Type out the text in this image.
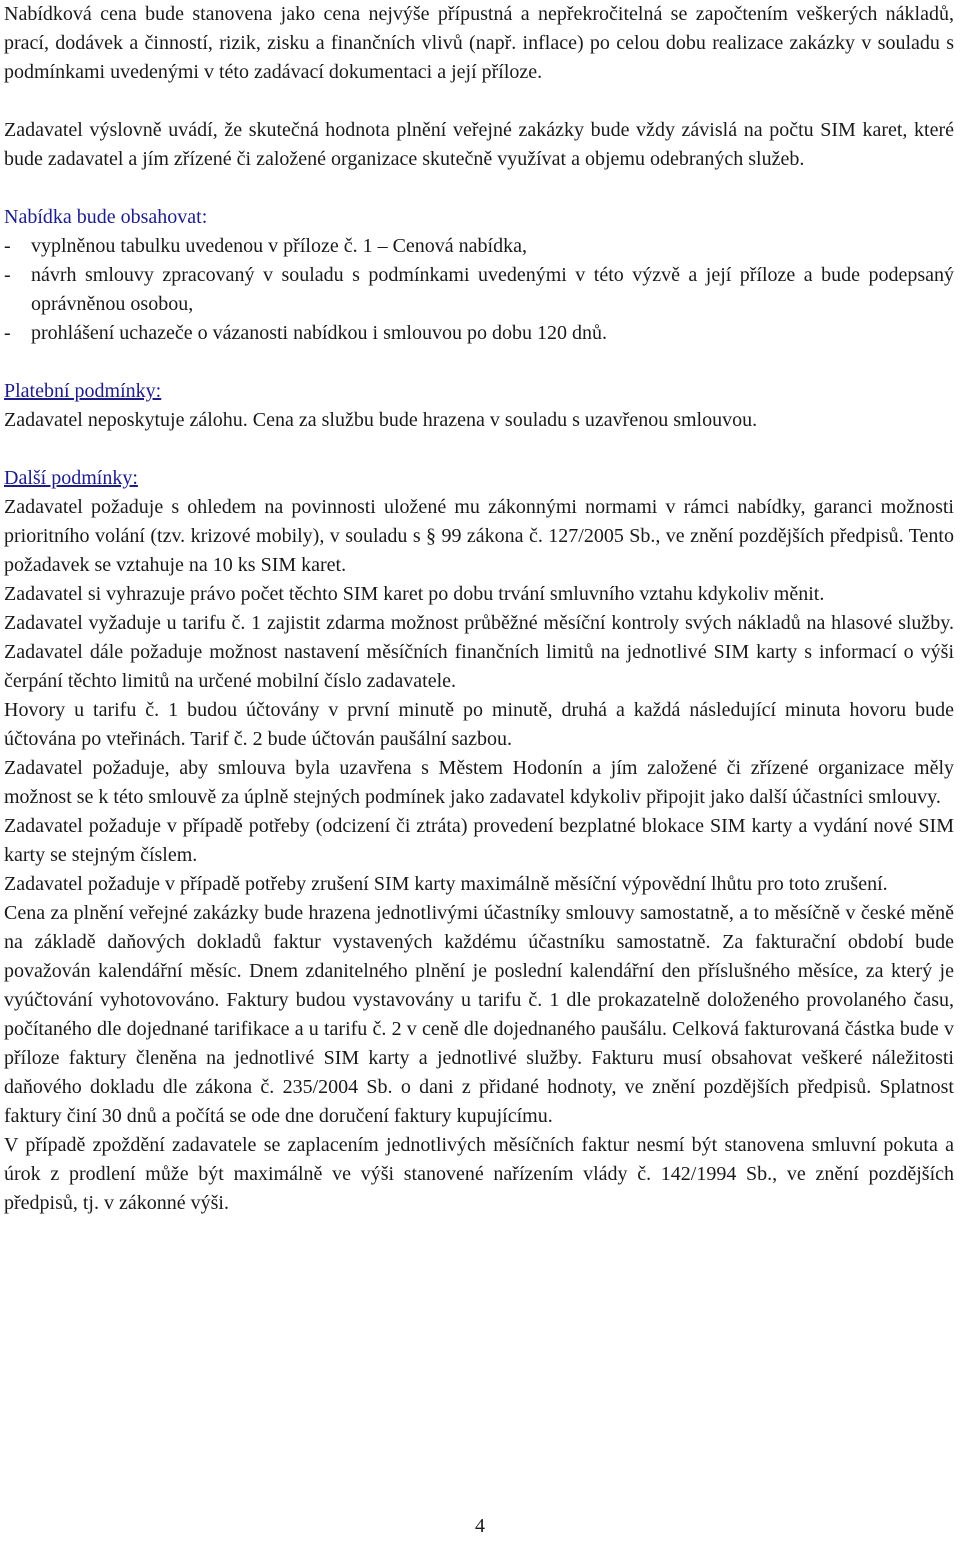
Nabídková cena bude stanovena jako cena nejvýše přípustná a nepřekročitelná se započtením veškerých nákladů, prací, dodávek a činností, rizik, zisku a finančních vlivů (např. inflace) po celou dobu realizace zakázky v souladu s podmínkami uvedenými v této zadávací dokumentaci a její příloze.

Zadavatel výslovně uvádí, že skutečná hodnota plnění veřejné zakázky bude vždy závislá na počtu SIM karet, které bude zadavatel a jím zřízené či založené organizace skutečně využívat a objemu odebraných služeb.

Nabídka bude obsahovat:
- vyplněnou tabulku uvedenou v příloze č. 1 – Cenová nabídka,
- návrh smlouvy zpracovaný v souladu s podmínkami uvedenými v této výzvě a její příloze a bude podepsaný oprávněnou osobou,
- prohlášení uchazeče o vázanosti nabídkou i smlouvou po dobu 120 dnů.
Platební podmínky:

Zadavatel neposkytuje zálohu. Cena za službu bude hrazena v souladu s uzavřenou smlouvou.

Další podmínky:

Zadavatel požaduje s ohledem na povinnosti uložené mu zákonnými normami v rámci nabídky, garanci možnosti prioritního volání (tzv. krizové mobily), v souladu s § 99 zákona č. 127/2005 Sb., ve znění pozdějších předpisů. Tento požadavek se vztahuje na 10 ks SIM karet.

Zadavatel si vyhrazuje právo počet těchto SIM karet po dobu trvání smluvního vztahu kdykoliv měnit.

Zadavatel vyžaduje u tarifu č. 1 zajistit zdarma možnost průběžné měsíční kontroly svých nákladů na hlasové služby. Zadavatel dále požaduje možnost nastavení měsíčních finančních limitů na jednotlivé SIM karty s informací o výši čerpání těchto limitů na určené mobilní číslo zadavatele.

Hovory u tarifu č. 1 budou účtovány v první minutě po minutě, druhá a každá následující minuta hovoru bude účtována po vteřinách. Tarif č. 2 bude účtován paušální sazbou.

Zadavatel požaduje, aby smlouva byla uzavřena s Městem Hodonín a jím založené či zřízené organizace měly možnost se k této smlouvě za úplně stejných podmínek jako zadavatel kdykoliv připojit jako další účastníci smlouvy.

Zadavatel požaduje v případě potřeby (odcizení či ztráta) provedení bezplatné blokace SIM karty a vydání nové SIM karty se stejným číslem.

Zadavatel požaduje v případě potřeby zrušení SIM karty maximálně měsíční výpovědní lhůtu pro toto zrušení.

Cena za plnění veřejné zakázky bude hrazena jednotlivými účastníky smlouvy samostatně, a to měsíčně v české měně na základě daňových dokladů faktur vystavených každému účastníku samostatně. Za fakturační období bude považován kalendářní měsíc. Dnem zdanitelného plnění je poslední kalendářní den příslušného měsíce, za který je vyúčtování vyhotovováno. Faktury budou vystavovány u tarifu č. 1 dle prokazatelně doloženého provolaného času, počítaného dle dojednané tarifikace a u tarifu č. 2 v ceně dle dojednaného paušálu. Celková fakturovaná částka bude v příloze faktury členěna na jednotlivé SIM karty a jednotlivé služby. Fakturu musí obsahovat veškeré náležitosti daňového dokladu dle zákona č. 235/2004 Sb. o dani z přidané hodnoty, ve znění pozdějších předpisů. Splatnost faktury činí 30 dnů a počítá se ode dne doručení faktury kupujícímu.

V případě zpoždění zadavatele se zaplacením jednotlivých měsíčních faktur nesmí být stanovena smluvní pokuta a úrok z prodlení může být maximálně ve výši stanovené nařízením vlády č. 142/1994 Sb., ve znění pozdějších předpisů, tj. v zákonné výši.

4
